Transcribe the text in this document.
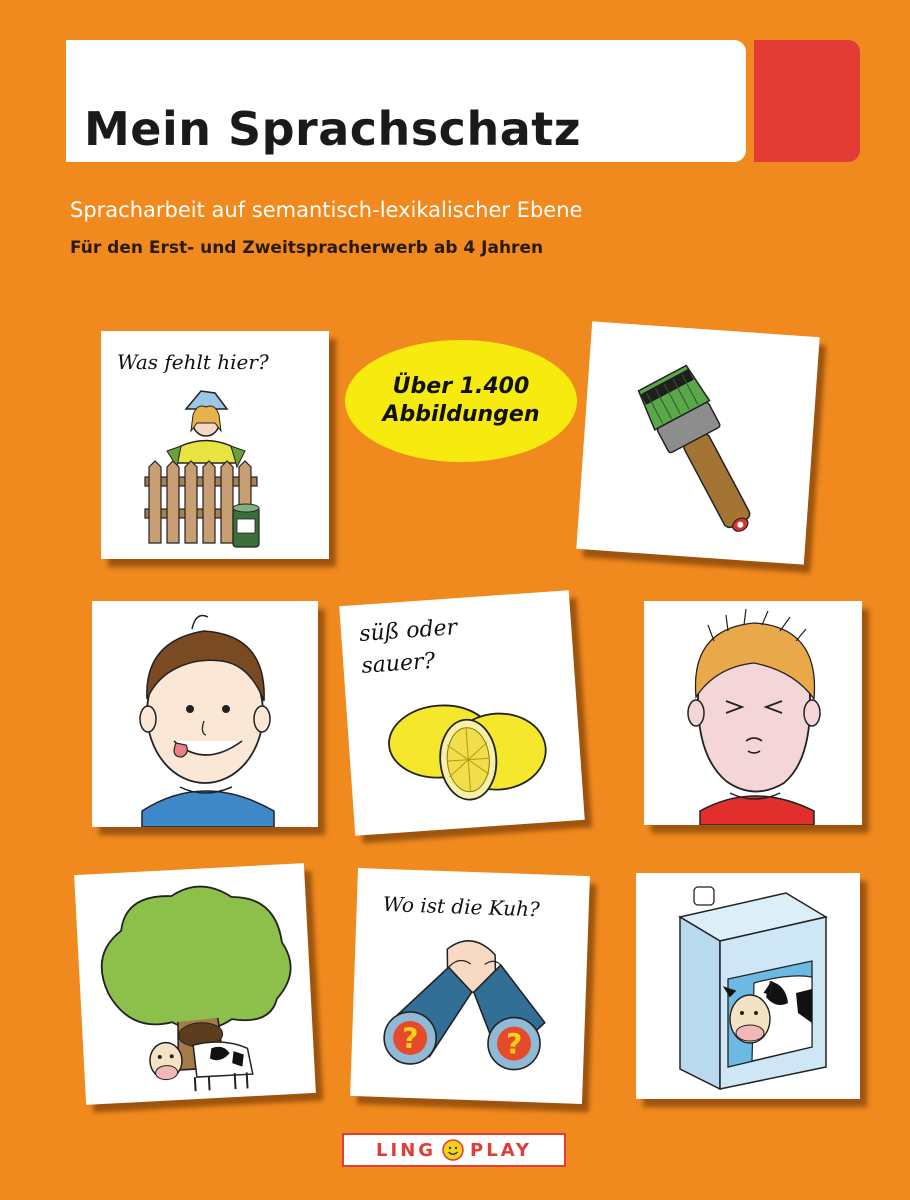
Mein Sprachschatz
Spracharbeit auf semantisch-lexikalischer Ebene
Für den Erst- und Zweitspracherwerb ab 4 Jahren
Was fehlt hier?
Über 1.400
Abbildungen
süß oder
sauer?
Wo ist die Kuh?
?	?
LING PLAY
